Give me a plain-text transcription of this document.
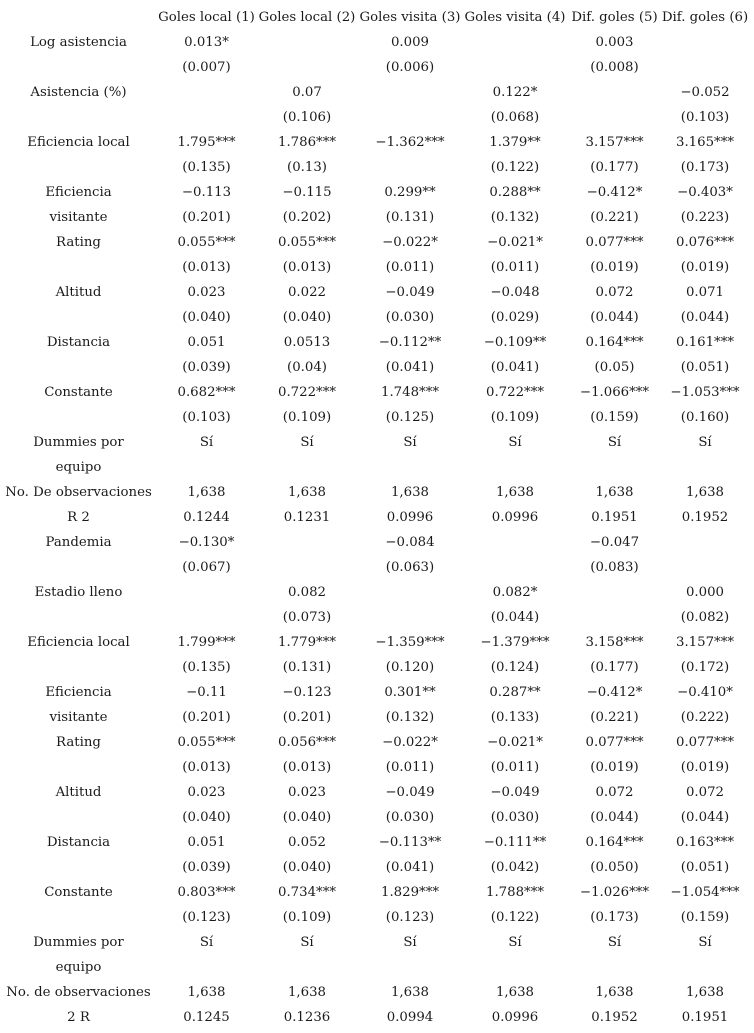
	Goles local (1)	Goles local (2)	Goles visita (3)	Goles visita (4)	Dif. goles (5)	Dif. goles (6)
Log asistencia	0.013*		0.009		0.003	
	(0.007)		(0.006)		(0.008)	
Asistencia (%)		0.07		0.122*		−0.052
		(0.106)		(0.068)		(0.103)
Eficiencia local	1.795***	1.786***	−1.362***	1.379**	3.157***	3.165***
	(0.135)	(0.13)		(0.122)	(0.177)	(0.173)
Eficiencia	−0.113	−0.115	0.299**	0.288**	−0.412*	−0.403*
visitante	(0.201)	(0.202)	(0.131)	(0.132)	(0.221)	(0.223)
Rating	0.055***	0.055***	−0.022*	−0.021*	0.077***	0.076***
	(0.013)	(0.013)	(0.011)	(0.011)	(0.019)	(0.019)
Altitud	0.023	0.022	−0.049	−0.048	0.072	0.071
	(0.040)	(0.040)	(0.030)	(0.029)	(0.044)	(0.044)
Distancia	0.051	0.0513	−0.112**	−0.109**	0.164***	0.161***
	(0.039)	(0.04)	(0.041)	(0.041)	(0.05)	(0.051)
Constante	0.682***	0.722***	1.748***	0.722***	−1.066***	−1.053***
	(0.103)	(0.109)	(0.125)	(0.109)	(0.159)	(0.160)
Dummies por	Sí	Sí	Sí	Sí	Sí	Sí
equipo						
No. De observaciones	1,638	1,638	1,638	1,638	1,638	1,638
R 2	0.1244	0.1231	0.0996	0.0996	0.1951	0.1952
Pandemia	−0.130*		−0.084		−0.047	
	(0.067)		(0.063)		(0.083)	
Estadio lleno		0.082		0.082*		0.000
		(0.073)		(0.044)		(0.082)
Eficiencia local	1.799***	1.779***	−1.359***	−1.379***	3.158***	3.157***
	(0.135)	(0.131)	(0.120)	(0.124)	(0.177)	(0.172)
Eficiencia	−0.11	−0.123	0.301**	0.287**	−0.412*	−0.410*
visitante	(0.201)	(0.201)	(0.132)	(0.133)	(0.221)	(0.222)
Rating	0.055***	0.056***	−0.022*	−0.021*	0.077***	0.077***
	(0.013)	(0.013)	(0.011)	(0.011)	(0.019)	(0.019)
Altitud	0.023	0.023	−0.049	−0.049	0.072	0.072
	(0.040)	(0.040)	(0.030)	(0.030)	(0.044)	(0.044)
Distancia	0.051	0.052	−0.113**	−0.111**	0.164***	0.163***
	(0.039)	(0.040)	(0.041)	(0.042)	(0.050)	(0.051)
Constante	0.803***	0.734***	1.829***	1.788***	−1.026***	−1.054***
	(0.123)	(0.109)	(0.123)	(0.122)	(0.173)	(0.159)
Dummies por	Sí	Sí	Sí	Sí	Sí	Sí
equipo						
No. de observaciones	1,638	1,638	1,638	1,638	1,638	1,638
2 R	0.1245	0.1236	0.0994	0.0996	0.1952	0.1951
